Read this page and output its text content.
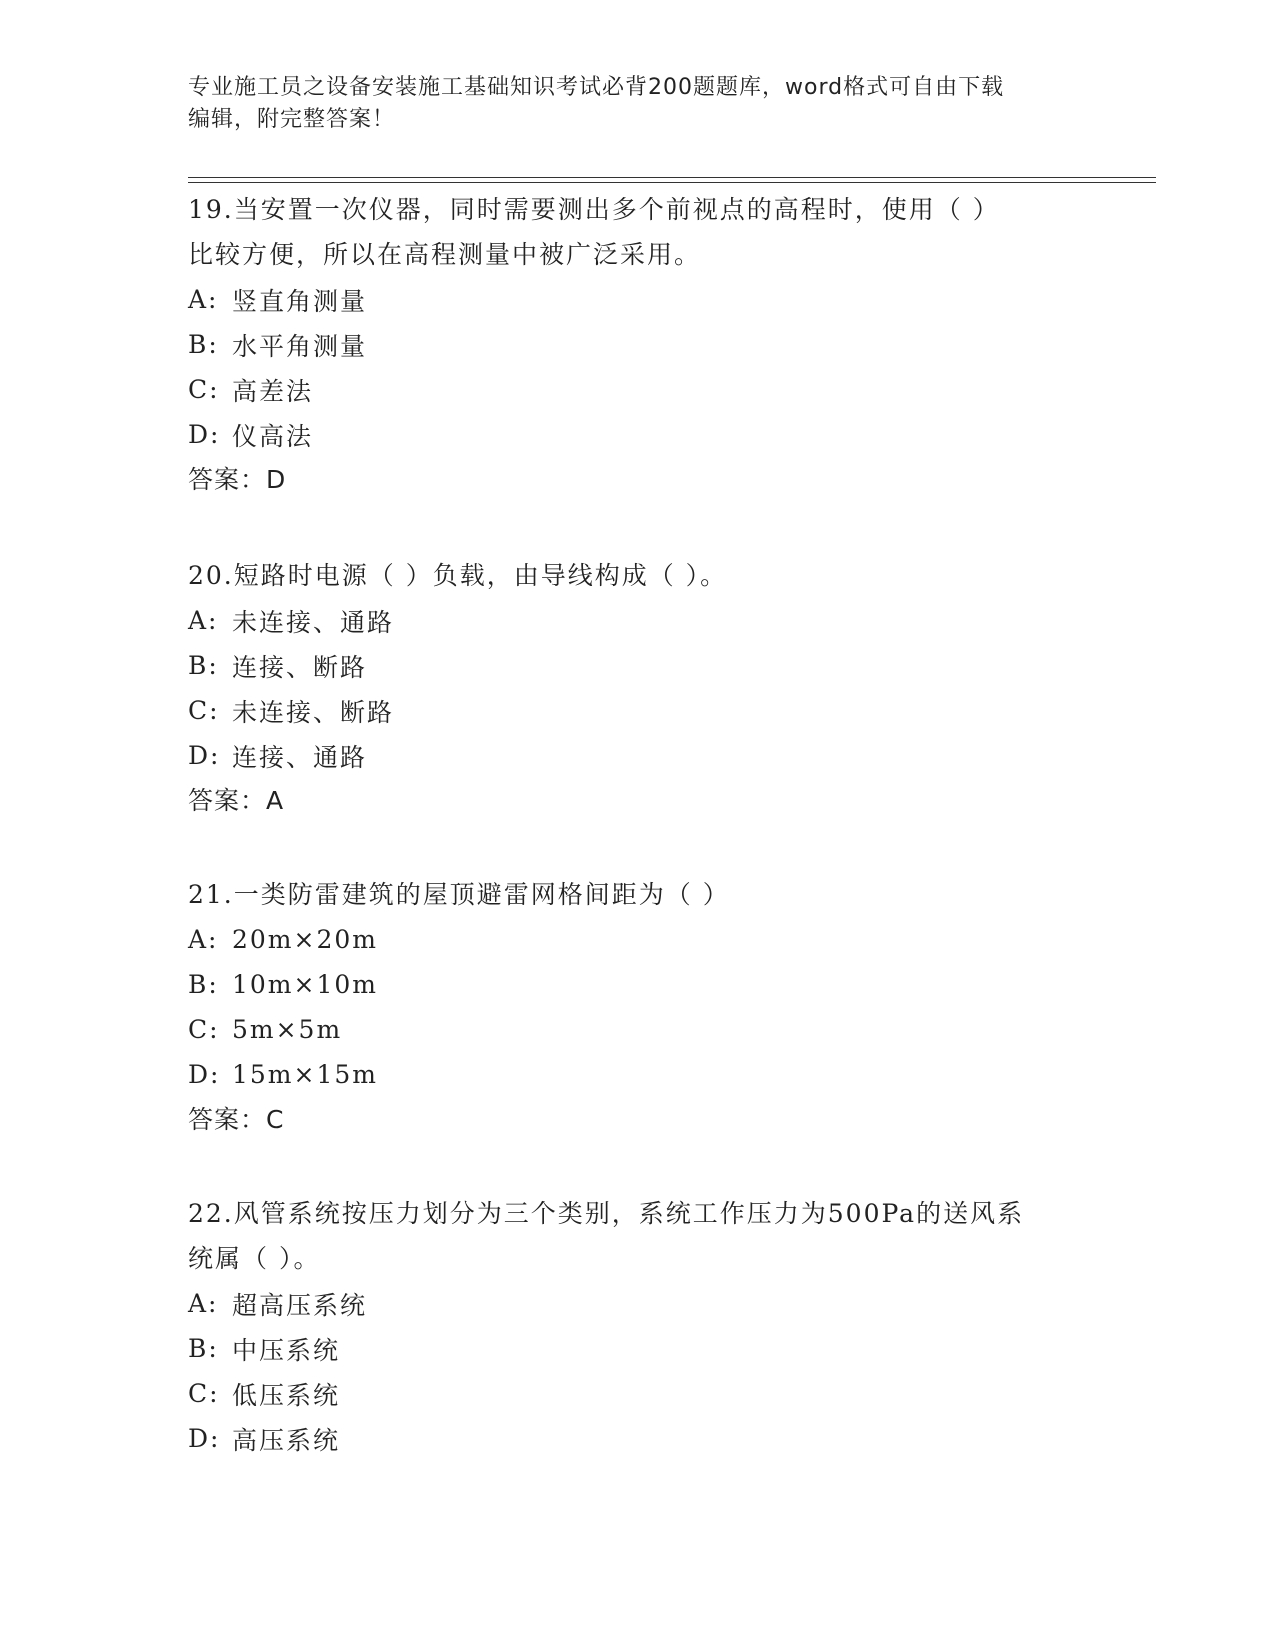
专业施工员之设备安装施工基础知识考试必背200题题库，word格式可自由下载
编辑，附完整答案！
19.当安置一次仪器，同时需要测出多个前视点的高程时，使用（ ）
比较方便，所以在高程测量中被广泛采用。
A: 竖直角测量
B: 水平角测量
C: 高差法
D: 仪高法
答案：D
20.短路时电源（ ）负载，由导线构成（ ）。
A: 未连接、通路
B: 连接、断路
C: 未连接、断路
D: 连接、通路
答案：A
21.一类防雷建筑的屋顶避雷网格间距为（ ）
A: 20m×20m
B: 10m×10m
C: 5m×5m
D: 15m×15m
答案：C
22.风管系统按压力划分为三个类别，系统工作压力为500Pa的送风系
统属（ ）。
A: 超高压系统
B: 中压系统
C: 低压系统
D: 高压系统
